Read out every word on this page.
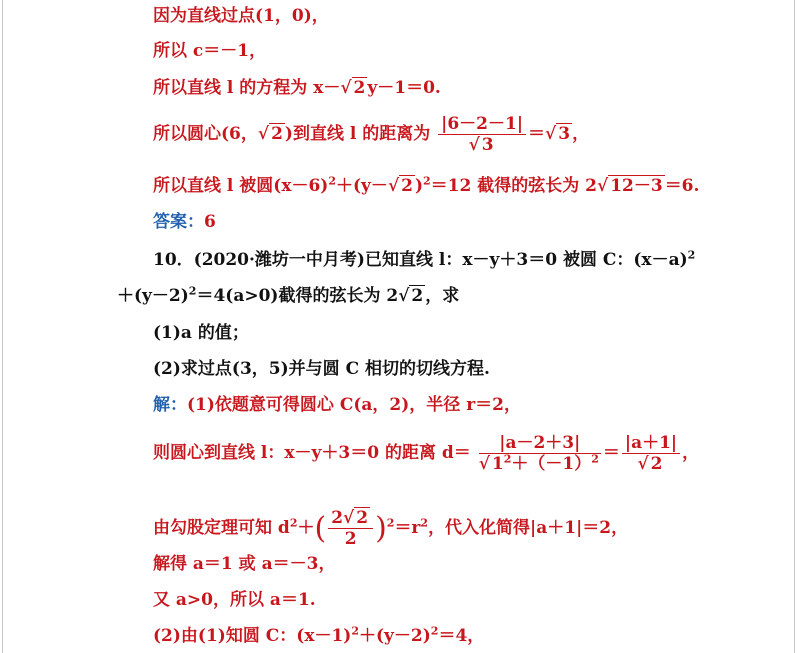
因为直线过点(1，0)，
所以 c＝－1，
所以直线 l 的方程为 x－√ 2 y－1＝0.
所以圆心(6，√ 2 )到直线 l 的距离为 $\frac{|6-2-1|}{√ 3}$ ＝√ 3 ，
所以直线 l 被圆$(x-6)^2+(y-√$ 2 )$^2$＝12 截得的弦长为 2√ 12－3 ＝6.
答案：6
10．(2020·潍坊一中月考)已知直线 l：x－y＋3＝0 被圆 C：$(x-a)^2$
$+(y-2)^2=4(a>0)$截得的弦长为 2√ 2 ，求
(1)a 的值；
(2)求过点(3，5)并与圆 C 相切的切线方程.
解：(1)依题意可得圆心 C(a，2)，半径 r＝2，
则圆心到直线 l：x－y＋3＝0 的距离 $d= \frac{|a-2+3|}{√ 1^2+(-1)^2} = \frac{|a+1|}{√ 2}$ ，
由勾股定理可知 $d^2+( \frac{2√ 2}{2} )^2=r^2$，代入化简得|a＋1|＝2，
解得 a＝1 或 a＝－3，
又 a>0，所以 a＝1.
(2)由(1)知圆 C：$(x-1)^2+(y-2)^2=4$，
